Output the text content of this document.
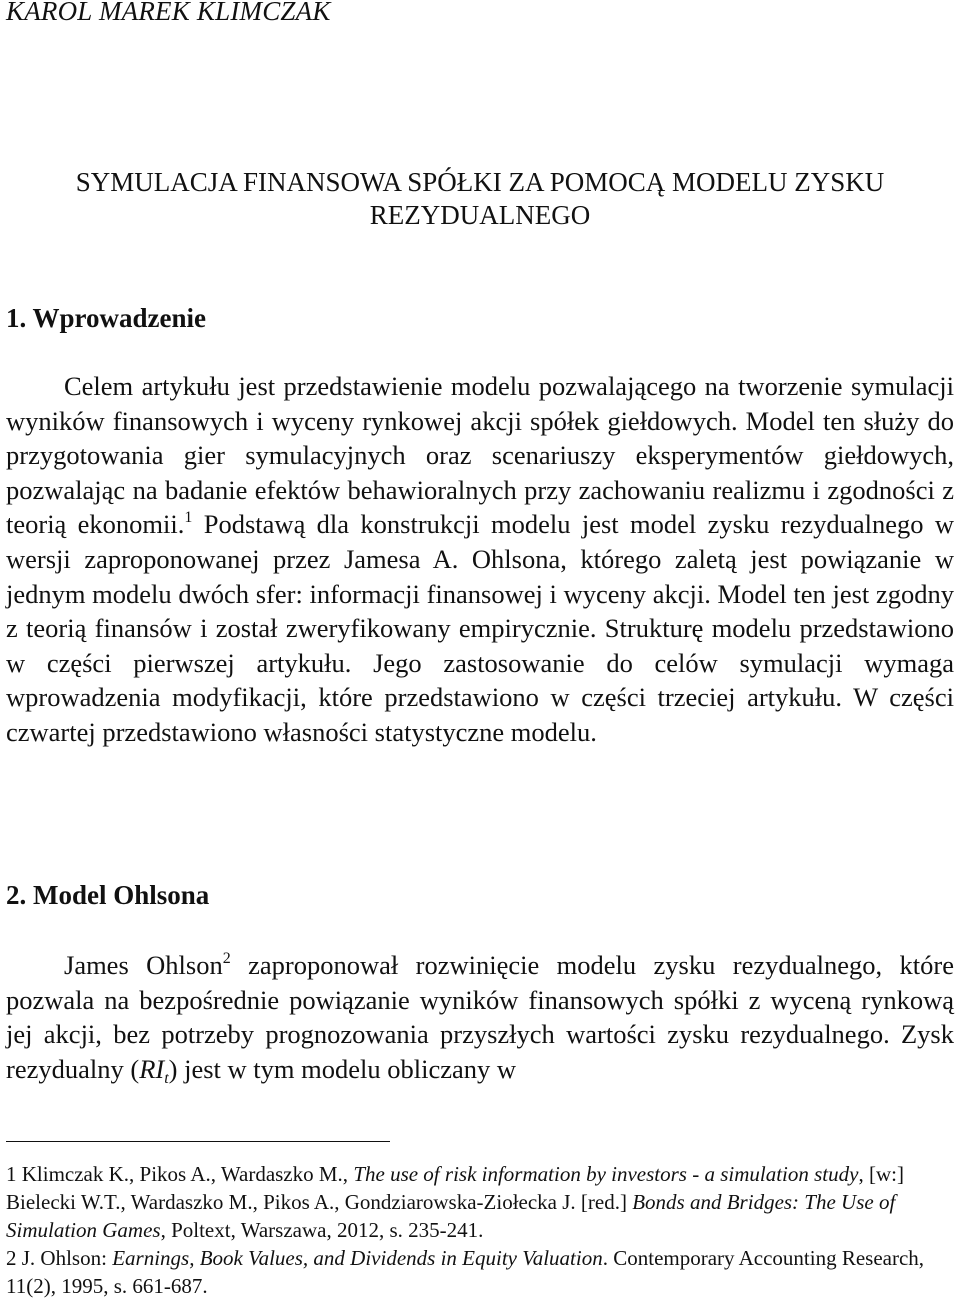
KAROL MAREK KLIMCZAK
SYMULACJA FINANSOWA SPÓŁKI ZA POMOCĄ MODELU ZYSKU
REZYDUALNEGO
1. Wprowadzenie
Celem artykułu jest przedstawienie modelu pozwalającego na tworzenie symulacji wyników finansowych i wyceny rynkowej akcji spółek giełdowych. Model ten służy do przygotowania gier symulacyjnych oraz scenariuszy eksperymentów giełdowych, pozwalając na badanie efektów behawioralnych przy zachowaniu realizmu i zgodności z teorią ekonomii.$^1$ Podstawą dla konstrukcji modelu jest model zysku rezydualnego w wersji zaproponowanej przez Jamesa A. Ohlsona, którego zaletą jest powiązanie w jednym modelu dwóch sfer: informacji finansowej i wyceny akcji. Model ten jest zgodny z teorią finansów i został zweryfikowany empirycznie. Strukturę modelu przedstawiono w części pierwszej artykułu. Jego zastosowanie do celów symulacji wymaga wprowadzenia modyfikacji, które przedstawiono w części trzeciej artykułu. W części czwartej przedstawiono własności statystyczne modelu.
2. Model Ohlsona
James Ohlson$^2$ zaproponował rozwinięcie modelu zysku rezydualnego, które pozwala na bezpośrednie powiązanie wyników finansowych spółki z wyceną rynkową jej akcji, bez potrzeby prognozowania przyszłych wartości zysku rezydualnego. Zysk rezydualny $(RI_t)$ jest w tym modelu obliczany w

1 Klimczak K., Pikos A., Wardaszko M., The use of risk information by investors - a simulation study, [w:] Bielecki W.T., Wardaszko M., Pikos A., Gondziarowska-Ziołecka J. [red.] Bonds and Bridges: The Use of Simulation Games, Poltext, Warszawa, 2012, s. 235-241.

2 J. Ohlson: Earnings, Book Values, and Dividends in Equity Valuation. Contemporary Accounting Research, 11(2), 1995, s. 661-687.
